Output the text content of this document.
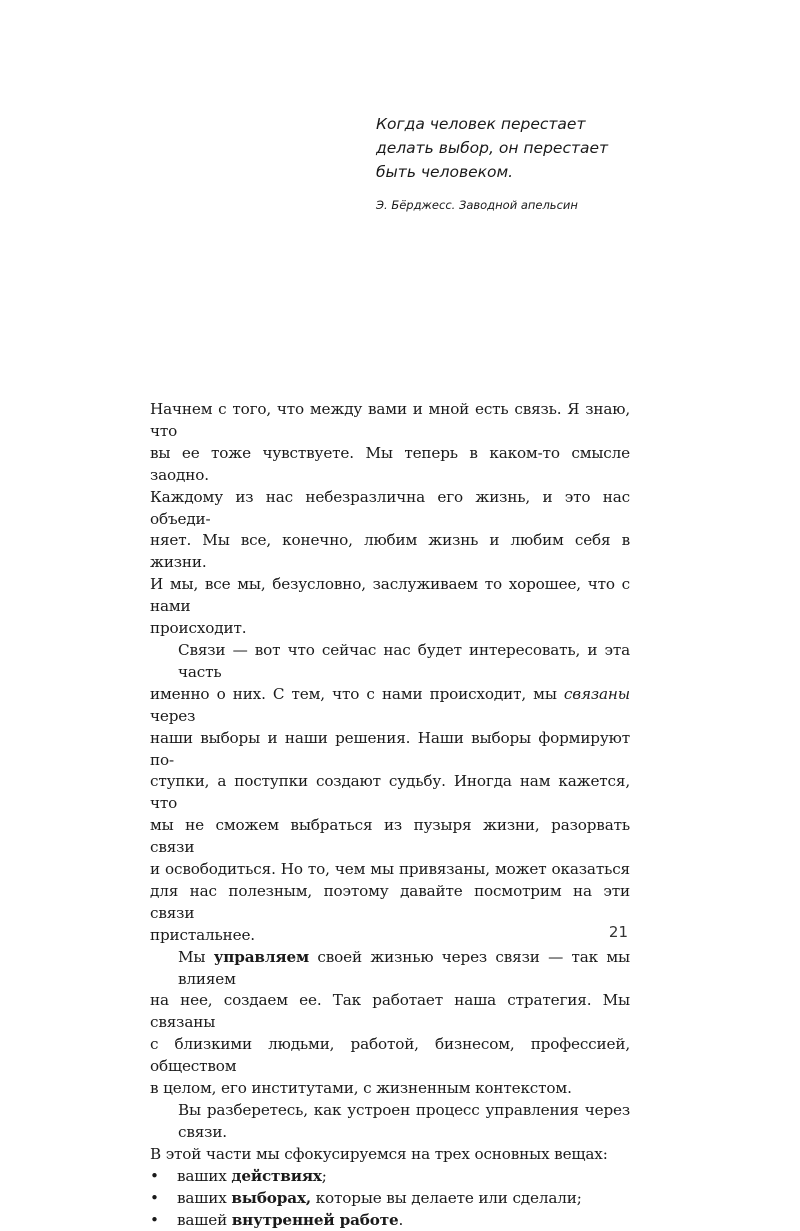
Когда человек перестает
делать выбор, он перестает
быть человеком.

Э. Бёрджесс. Заводной апельсин
Начнем с того, что между вами и мной есть связь. Я знаю, что
вы ее тоже чувствуете. Мы теперь в каком-то смысле заодно.
Каждому из нас небезразлична его жизнь, и это нас объеди-
няет. Мы все, конечно, любим жизнь и любим себя в жизни.
И мы, все мы, безусловно, заслуживаем то хорошее, что с нами
происходит.
Связи — вот что сейчас нас будет интересовать, и эта часть
именно о них. С тем, что с нами происходит, мы связаны через
наши выборы и наши решения. Наши выборы формируют по-
ступки, а поступки создают судьбу. Иногда нам кажется, что
мы не сможем выбраться из пузыря жизни, разорвать связи
и освободиться. Но то, чем мы привязаны, может оказаться
для нас полезным, поэтому давайте посмотрим на эти связи
пристальнее.
Мы управляем своей жизнью через связи — так мы влияем
на нее, создаем ее. Так работает наша стратегия. Мы связаны
с близкими людьми, работой, бизнесом, профессией, обществом
в целом, его институтами, с жизненным контекстом.
Вы разберетесь, как устроен процесс управления через связи.
В этой части мы сфокусируемся на трех основных вещах:
•	ваших действиях;
•	ваших выборах, которые вы делаете или сделали;
•	вашей внутренней работе.
21
